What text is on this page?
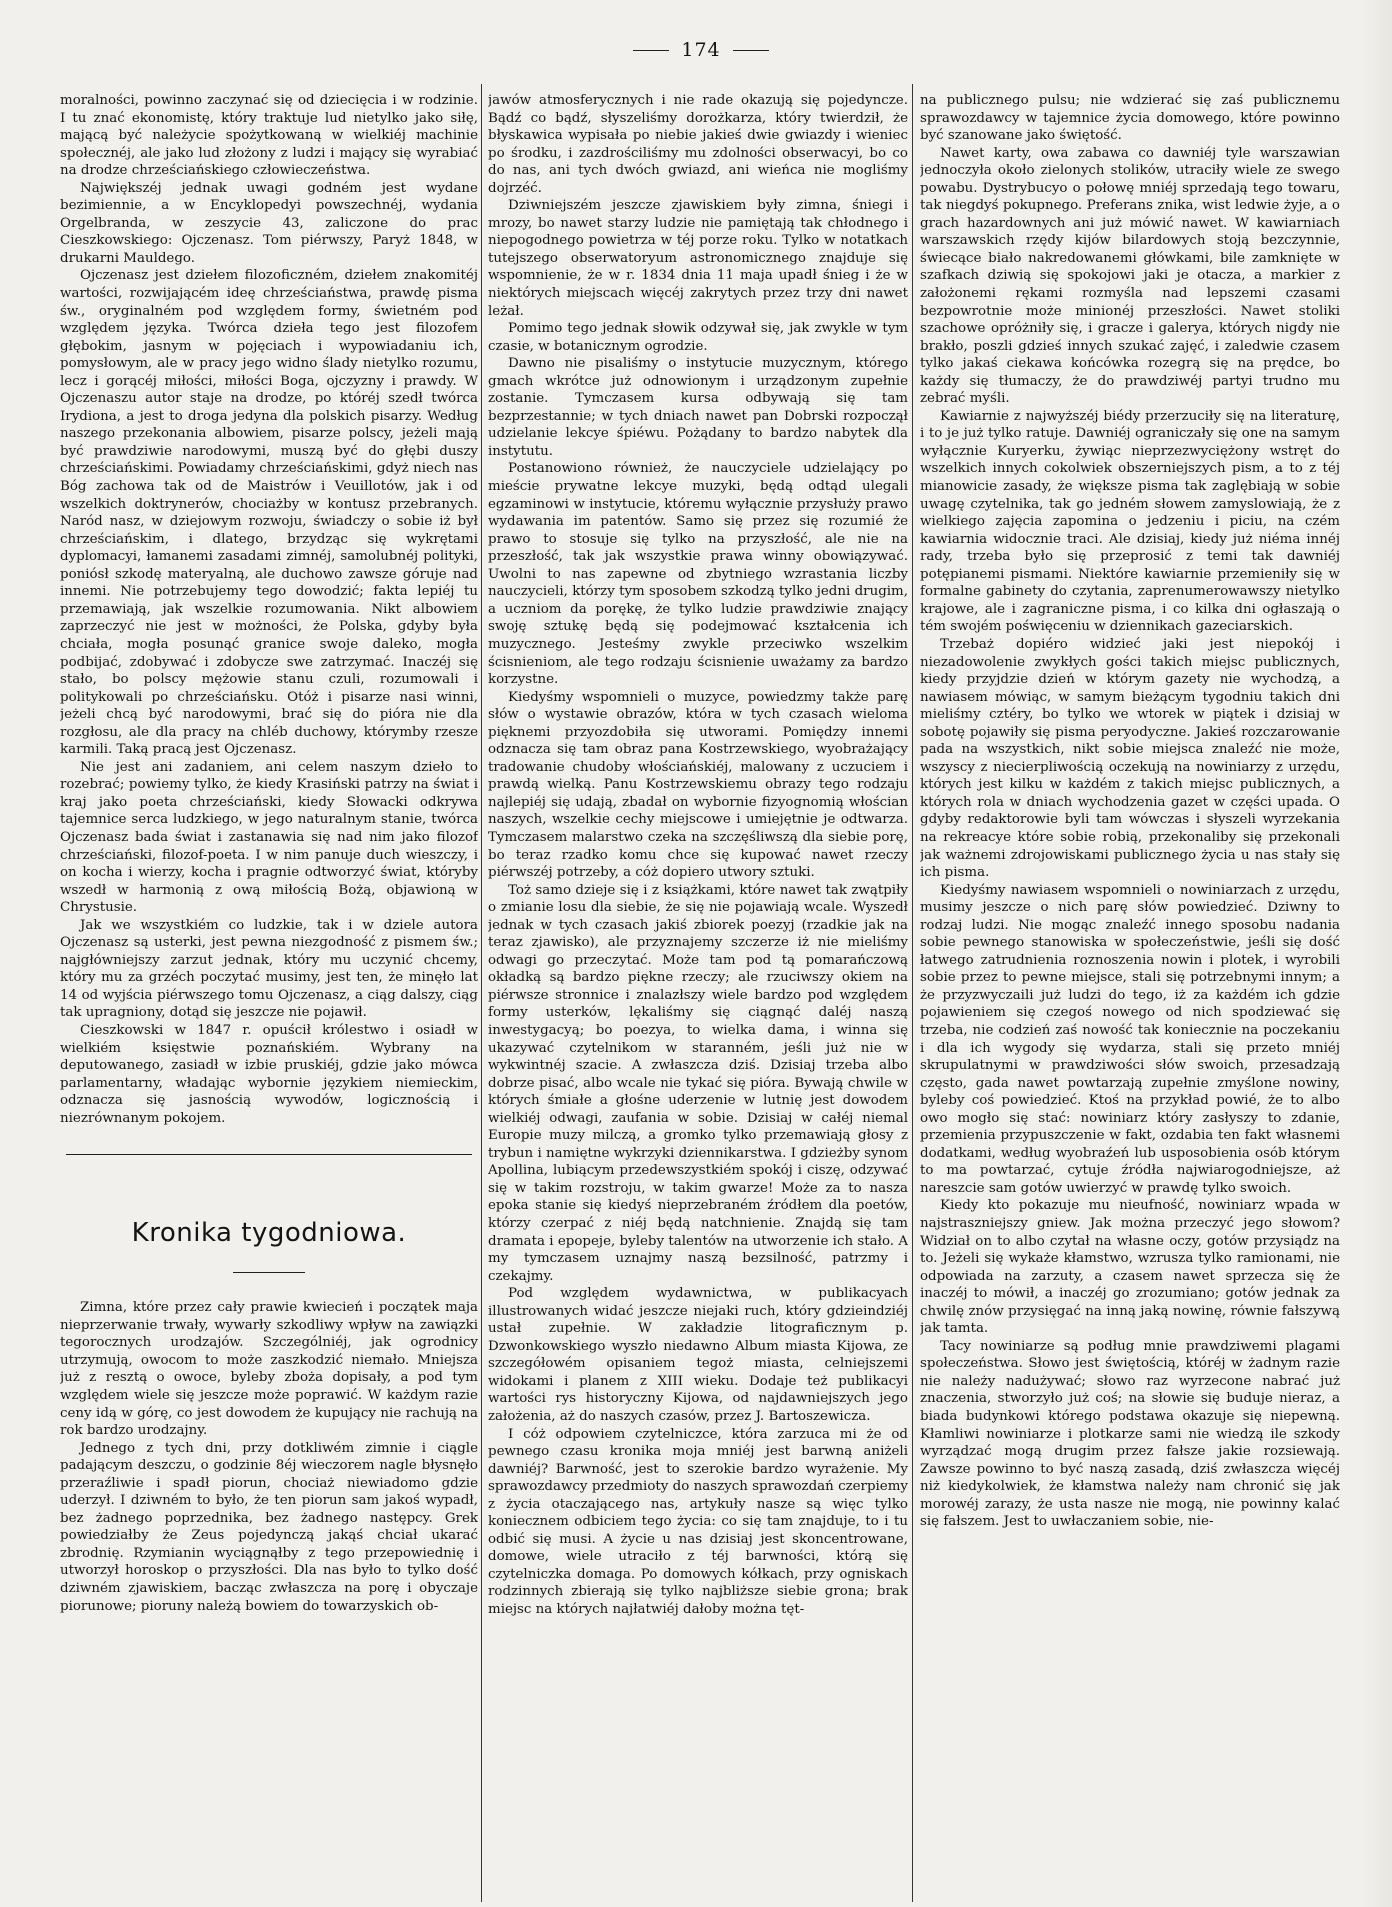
174

moralności, powinno zaczynać się od dziecięcia i w rodzinie. I tu znać ekonomistę, który traktuje lud nietylko jako siłę, mającą być należycie spożytkowaną w wielkiéj machinie społecznéj, ale jako lud złożony z ludzi i mający się wyrabiać na drodze chrześciańskiego człowieczeństwa.

Największéj jednak uwagi godném jest wydane bezimiennie, a w Encyklopedyi powszechnéj, wydania Orgelbranda, w zeszycie 43, zaliczone do prac Cieszkowskiego: Ojczenasz. Tom piérwszy, Paryż 1848, w drukarni Mauldego.

Ojczenasz jest dziełem filozoficzném, dziełem znakomitéj wartości, rozwijającém ideę chrześciaństwa, prawdę pisma św., oryginalném pod względem formy, świetném pod względem języka. Twórca dzieła tego jest filozofem głębokim, jasnym w pojęciach i wypowiadaniu ich, pomysłowym, ale w pracy jego widno ślady nietylko rozumu, lecz i gorącéj miłości, miłości Boga, ojczyzny i prawdy. W Ojczenaszu autor staje na drodze, po któréj szedł twórca Irydiona, a jest to droga jedyna dla polskich pisarzy. Według naszego przekonania albowiem, pisarze polscy, jeżeli mają być prawdziwie narodowymi, muszą być do głębi duszy chrześciańskimi. Powiadamy chrześciańskimi, gdyż niech nas Bóg zachowa tak od de Maistrów i Veuillotów, jak i od wszelkich doktrynerów, chociażby w kontusz przebranych. Naród nasz, w dziejowym rozwoju, świadczy o sobie iż był chrześciańskim, i dlatego, brzydząc się wykrętami dyplomacyi, łamanemi zasadami zimnéj, samolubnéj polityki, poniósł szkodę materyalną, ale duchowo zawsze góruje nad innemi. Nie potrzebujemy tego dowodzić; fakta lepiéj tu przemawiają, jak wszelkie rozumowania. Nikt albowiem zaprzeczyć nie jest w możności, że Polska, gdyby była chciała, mogła posunąć granice swoje daleko, mogła podbijać, zdobywać i zdobycze swe zatrzymać. Inaczéj się stało, bo polscy mężowie stanu czuli, rozumowali i politykowali po chrześciańsku. Otóż i pisarze nasi winni, jeżeli chcą być narodowymi, brać się do pióra nie dla rozgłosu, ale dla pracy na chléb duchowy, którymby rzesze karmili. Taką pracą jest Ojczenasz.

Nie jest ani zadaniem, ani celem naszym dzieło to rozebrać; powiemy tylko, że kiedy Krasiński patrzy na świat i kraj jako poeta chrześciański, kiedy Słowacki odkrywa tajemnice serca ludzkiego, w jego naturalnym stanie, twórca Ojczenasz bada świat i zastanawia się nad nim jako filozof chrześciański, filozof-poeta. I w nim panuje duch wieszczy, i on kocha i wierzy, kocha i pragnie odtworzyć świat, któryby wszedł w harmonią z ową miłością Bożą, objawioną w Chrystusie.

Jak we wszystkiém co ludzkie, tak i w dziele autora Ojczenasz są usterki, jest pewna niezgodność z pismem św.; najgłówniejszy zarzut jednak, który mu uczynić chcemy, który mu za grzéch poczytać musimy, jest ten, że minęło lat 14 od wyjścia piérwszego tomu Ojczenasz, a ciąg dalszy, ciąg tak upragniony, dotąd się jeszcze nie pojawił.

Cieszkowski w 1847 r. opuścił królestwo i osiadł w wielkiém księstwie poznańskiém. Wybrany na deputowanego, zasiadł w izbie pruskiéj, gdzie jako mówca parlamentarny, władając wybornie językiem niemieckim, odznacza się jasnością wywodów, logicznością i niezrównanym pokojem.

Kronika tygodniowa.

Zimna, które przez cały prawie kwiecień i początek maja nieprzerwanie trwały, wywarły szkodliwy wpływ na zawiązki tegorocznych urodzajów. Szczególniéj, jak ogrodnicy utrzymują, owocom to może zaszkodzić niemało. Mniejsza już z resztą o owoce, byleby zboża dopisały, a pod tym względem wiele się jeszcze może poprawić. W każdym razie ceny idą w górę, co jest dowodem że kupujący nie rachują na rok bardzo urodzajny.

Jednego z tych dni, przy dotkliwém zimnie i ciągle padającym deszczu, o godzinie 8éj wieczorem nagle błysnęło przeraźliwie i spadł piorun, chociaż niewiadomo gdzie uderzył. I dziwném to było, że ten piorun sam jakoś wypadł, bez żadnego poprzednika, bez żadnego następcy. Grek powiedziałby że Zeus pojedynczą jakąś chciał ukarać zbrodnię. Rzymianin wyciągnąłby z tego przepowiednię i utworzył horoskop o przyszłości. Dla nas było to tylko dość dziwném zjawiskiem, bacząc zwłaszcza na porę i obyczaje piorunowe; pioruny należą bowiem do towarzyskich ob-

jawów atmosferycznych i nie rade okazują się pojedyncze. Bądź co bądź, słyszeliśmy dorożkarza, który twierdził, że błyskawica wypisała po niebie jakieś dwie gwiazdy i wieniec po środku, i zazdrościliśmy mu zdolności obserwacyi, bo co do nas, ani tych dwóch gwiazd, ani wieńca nie mogliśmy dojrzéć.

Dziwniejszém jeszcze zjawiskiem były zimna, śniegi i mrozy, bo nawet starzy ludzie nie pamiętają tak chłodnego i niepogodnego powietrza w téj porze roku. Tylko w notatkach tutejszego obserwatoryum astronomicznego znajduje się wspomnienie, że w r. 1834 dnia 11 maja upadł śnieg i że w niektórych miejscach więcéj zakrytych przez trzy dni nawet leżał.

Pomimo tego jednak słowik odzywał się, jak zwykle w tym czasie, w botanicznym ogrodzie.

Dawno nie pisaliśmy o instytucie muzycznym, którego gmach wkrótce już odnowionym i urządzonym zupełnie zostanie. Tymczasem kursa odbywają się tam bezprzestannie; w tych dniach nawet pan Dobrski rozpoczął udzielanie lekcye śpiéwu. Pożądany to bardzo nabytek dla instytutu.

Postanowiono również, że nauczyciele udzielający po mieście prywatne lekcye muzyki, będą odtąd ulegali egzaminowi w instytucie, któremu wyłącznie przysłuży prawo wydawania im patentów. Samo się przez się rozumié że prawo to stosuje się tylko na przyszłość, ale nie na przeszłość, tak jak wszystkie prawa winny obowiązywać. Uwolni to nas zapewne od zbytniego wzrastania liczby nauczycieli, którzy tym sposobem szkodzą tylko jedni drugim, a uczniom da porękę, że tylko ludzie prawdziwie znający swoję sztukę będą się podejmować kształcenia ich muzycznego. Jesteśmy zwykle przeciwko wszelkim ścisnieniom, ale tego rodzaju ścisnienie uważamy za bardzo korzystne.

Kiedyśmy wspomnieli o muzyce, powiedzmy także parę słów o wystawie obrazów, która w tych czasach wieloma pięknemi przyozdobiła się utworami. Pomiędzy innemi odznacza się tam obraz pana Kostrzewskiego, wyobrażający tradowanie chudoby włościańskiéj, malowany z uczuciem i prawdą wielką. Panu Kostrzewskiemu obrazy tego rodzaju najlepiéj się udają, zbadał on wybornie fizyognomią włościan naszych, wszelkie cechy miejscowe i umiejętnie je odtwarza. Tymczasem malarstwo czeka na szczęśliwszą dla siebie porę, bo teraz rzadko komu chce się kupować nawet rzeczy piérwszéj potrzeby, a cóż dopiero utwory sztuki.

Toż samo dzieje się i z książkami, które nawet tak zwątpiły o zmianie losu dla siebie, że się nie pojawiają wcale. Wyszedł jednak w tych czasach jakiś zbiorek poezyj (rzadkie jak na teraz zjawisko), ale przyznajemy szczerze iż nie mieliśmy odwagi go przeczytać. Może tam pod tą pomarańczową okładką są bardzo piękne rzeczy; ale rzuciwszy okiem na piérwsze stronnice i znalazłszy wiele bardzo pod względem formy usterków, lękaliśmy się ciągnąć daléj naszą inwestygacyą; bo poezya, to wielka dama, i winna się ukazywać czytelnikom w staranném, jeśli już nie w wykwintnéj szacie. A zwłaszcza dziś. Dzisiaj trzeba albo dobrze pisać, albo wcale nie tykać się pióra. Bywają chwile w których śmiałe a głośne uderzenie w lutnię jest dowodem wielkiéj odwagi, zaufania w sobie. Dzisiaj w całéj niemal Europie muzy milczą, a gromko tylko przemawiają głosy z trybun i namiętne wykrzyki dziennikarstwa. I gdzieżby synom Apollina, lubiącym przedewszystkiém spokój i ciszę, odzywać się w takim rozstroju, w takim gwarze! Może za to nasza epoka stanie się kiedyś nieprzebraném źródłem dla poetów, którzy czerpać z niéj będą natchnienie. Znajdą się tam dramata i epopeje, byleby talentów na utworzenie ich stało. A my tymczasem uznajmy naszą bezsilność, patrzmy i czekajmy.

Pod względem wydawnictwa, w publikacyach illustrowanych widać jeszcze niejaki ruch, który gdzieindziéj ustał zupełnie. W zakładzie litograficznym p. Dzwonkowskiego wyszło niedawno Album miasta Kijowa, ze szczegółowém opisaniem tegoż miasta, celniejszemi widokami i planem z XIII wieku. Dodaje też publikacyi wartości rys historyczny Kijowa, od najdawniejszych jego założenia, aż do naszych czasów, przez J. Bartoszewicza.

I cóż odpowiem czytelniczce, która zarzuca mi że od pewnego czasu kronika moja mniéj jest barwną aniżeli dawniéj? Barwność, jest to szerokie bardzo wyrażenie. My sprawozdawcy przedmioty do naszych sprawozdań czerpiemy z życia otaczającego nas, artykuły nasze są więc tylko koniecznem odbiciem tego życia: co się tam znajduje, to i tu odbić się musi. A życie u nas dzisiaj jest skoncentrowane, domowe, wiele utraciło z téj barwności, którą się czytelniczka domaga. Po domowych kółkach, przy ogniskach rodzinnych zbierają się tylko najbliższe siebie grona; brak miejsc na których najłatwiéj dałoby można tęt-

na publicznego pulsu; nie wdzierać się zaś publicznemu sprawozdawcy w tajemnice życia domowego, które powinno być szanowane jako świętość.

Nawet karty, owa zabawa co dawniéj tyle warszawian jednoczyła około zielonych stolików, utraciły wiele ze swego powabu. Dystrybucyo o połowę mniéj sprzedają tego towaru, tak niegdyś pokupnego. Preferans znika, wist ledwie żyje, a o grach hazardownych ani już mówić nawet. W kawiarniach warszawskich rzędy kijów bilardowych stoją bezczynnie, świecące biało nakredowanemi główkami, bile zamknięte w szafkach dziwią się spokojowi jaki je otacza, a markier z założonemi rękami rozmyśla nad lepszemi czasami bezpowrotnie może minionéj przeszłości. Nawet stoliki szachowe opróżniły się, i gracze i galerya, których nigdy nie brakło, poszli gdzieś innych szukać zajęć, i zaledwie czasem tylko jakaś ciekawa końcówka rozegrą się na prędce, bo każdy się tłumaczy, że do prawdziwéj partyi trudno mu zebrać myśli.

Kawiarnie z najwyższéj biédy przerzuciły się na literaturę, i to je już tylko ratuje. Dawniéj ograniczały się one na samym wyłącznie Kuryerku, żywiąc nieprzezwyciężony wstręt do wszelkich innych cokolwiek obszerniejszych pism, a to z téj mianowicie zasady, że większe pisma tak zaglębiają w sobie uwagę czytelnika, tak go jedném słowem zamyslowiają, że z wielkiego zajęcia zapomina o jedzeniu i piciu, na czém kawiarnia widocznie traci. Ale dzisiaj, kiedy już niéma innéj rady, trzeba było się przeprosić z temi tak dawniéj potępianemi pismami. Niektóre kawiarnie przemieniły się w formalne gabinety do czytania, zaprenumerowawszy nietylko krajowe, ale i zagraniczne pisma, i co kilka dni ogłaszają o tém swojém poświęceniu w dziennikach gazeciarskich.

Trzebaż dopiéro widzieć jaki jest niepokój i niezadowolenie zwykłych gości takich miejsc publicznych, kiedy przyjdzie dzień w którym gazety nie wychodzą, a nawiasem mówiąc, w samym bieżącym tygodniu takich dni mieliśmy cztéry, bo tylko we wtorek w piątek i dzisiaj w sobotę pojawiły się pisma peryodyczne. Jakieś rozczarowanie pada na wszystkich, nikt sobie miejsca znaleźć nie może, wszyscy z niecierpliwością oczekują na nowiniarzy z urzędu, których jest kilku w każdém z takich miejsc publicznych, a których rola w dniach wychodzenia gazet w części upada. O gdyby redaktorowie byli tam wówczas i słyszeli wyrzekania na rekreacye które sobie robią, przekonaliby się przekonali jak ważnemi zdrojowiskami publicznego życia u nas stały się ich pisma.

Kiedyśmy nawiasem wspomnieli o nowiniarzach z urzędu, musimy jeszcze o nich parę słów powiedzieć. Dziwny to rodzaj ludzi. Nie mogąc znaleźć innego sposobu nadania sobie pewnego stanowiska w społeczeństwie, jeśli się dość łatwego zatrudnienia roznoszenia nowin i plotek, i wyrobili sobie przez to pewne miejsce, stali się potrzebnymi innym; a że przyzwyczaili już ludzi do tego, iż za każdém ich gdzie pojawieniem się czegoś nowego od nich spodziewać się trzeba, nie codzień zaś nowość tak koniecznie na poczekaniu i dla ich wygody się wydarza, stali się przeto mniéj skrupulatnymi w prawdziwości słów swoich, przesadzają często, gada nawet powtarzają zupełnie zmyślone nowiny, byleby coś powiedzieć. Ktoś na przykład powié, że to albo owo mogło się stać: nowiniarz który zasłyszy to zdanie, przemienia przypuszczenie w fakt, ozdabia ten fakt własnemi dodatkami, według wyobraźeń lub usposobienia osób którym to ma powtarzać, cytuje źródła najwiarogodniejsze, aż nareszcie sam gotów uwierzyć w prawdę tylko swoich.

Kiedy kto pokazuje mu nieufność, nowiniarz wpada w najstraszniejszy gniew. Jak można przeczyć jego słowom? Widział on to albo czytał na własne oczy, gotów przysiądz na to. Jeżeli się wykaże kłamstwo, wzrusza tylko ramionami, nie odpowiada na zarzuty, a czasem nawet sprzecza się że inaczéj to mówił, a inaczéj go zrozumiano; gotów jednak za chwilę znów przysięgać na inną jaką nowinę, równie fałszywą jak tamta.

Tacy nowiniarze są podług mnie prawdziwemi plagami społeczeństwa. Słowo jest świętością, któréj w żadnym razie nie należy nadużywać; słowo raz wyrzecone nabrać już znaczenia, stworzyło już coś; na słowie się buduje nieraz, a biada budynkowi którego podstawa okazuje się niepewną. Kłamliwi nowiniarze i plotkarze sami nie wiedzą ile szkody wyrządzać mogą drugim przez fałsze jakie rozsiewają. Zawsze powinno to być naszą zasadą, dziś zwłaszcza więcéj niż kiedykolwiek, że kłamstwa należy nam chronić się jak morowéj zarazy, że usta nasze nie mogą, nie powinny kalać się fałszem. Jest to uwłaczaniem sobie, nie-
